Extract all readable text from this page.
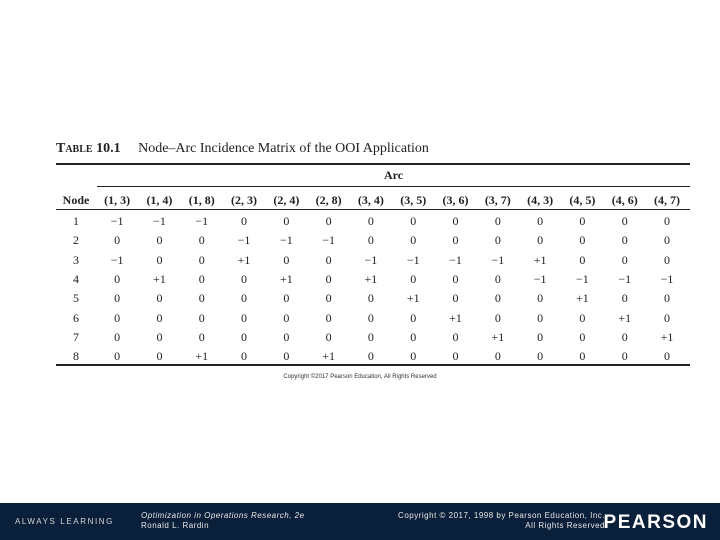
Table 10.1 Node–Arc Incidence Matrix of the OOI Application
Arc
Node	(1, 3)	(1, 4)	(1, 8)	(2, 3)	(2, 4)	(2, 8)	(3, 4)	(3, 5)	(3, 6)	(3, 7)	(4, 3)	(4, 5)	(4, 6)	(4, 7)
1	−1	−1	−1	0	0	0	0	0	0	0	0	0	0	0
2	0	0	0	−1	−1	−1	0	0	0	0	0	0	0	0
3	−1	0	0	+1	0	0	−1	−1	−1	−1	+1	0	0	0
4	0	+1	0	0	+1	0	+1	0	0	0	−1	−1	−1	−1
5	0	0	0	0	0	0	0	+1	0	0	0	+1	0	0
6	0	0	0	0	0	0	0	0	+1	0	0	0	+1	0
7	0	0	0	0	0	0	0	0	0	+1	0	0	0	+1
8	0	0	+1	0	0	+1	0	0	0	0	0	0	0	0
Copyright ©2017 Pearson Education, All Rights Reserved
ALWAYS LEARNING
Optimization in Operations Research, 2e
Ronald L. Rardin
Copyright © 2017, 1998 by Pearson Education, Inc.
All Rights Reserved
PEARSON
